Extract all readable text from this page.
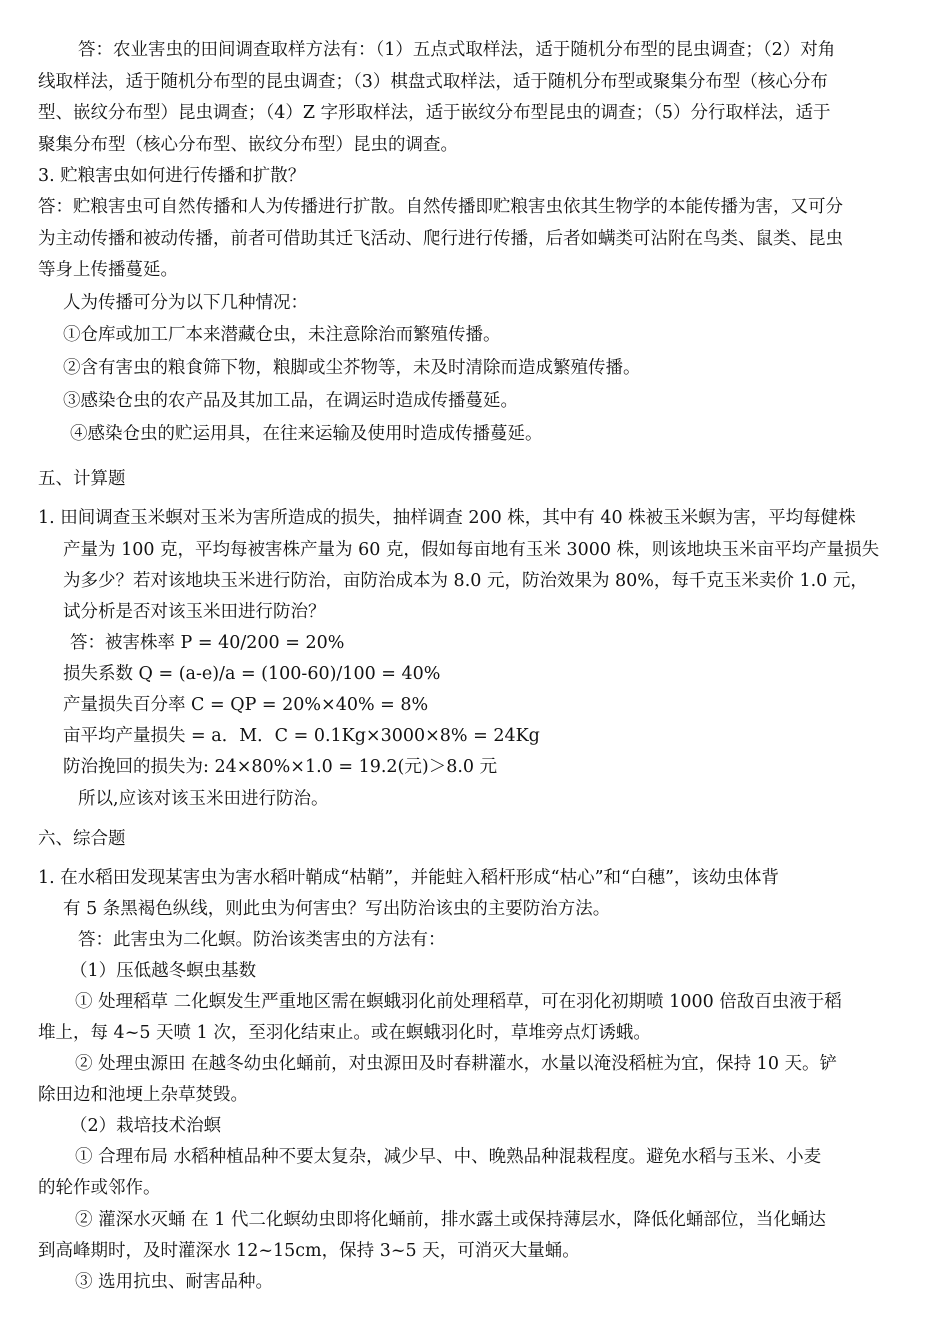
答：农业害虫的田间调查取样方法有：（1）五点式取样法，适于随机分布型的昆虫调查；（2）对角
线取样法，适于随机分布型的昆虫调查；（3）棋盘式取样法，适于随机分布型或聚集分布型（核心分布
型、嵌纹分布型）昆虫调查；（4）Z 字形取样法，适于嵌纹分布型昆虫的调查；（5）分行取样法，适于
聚集分布型（核心分布型、嵌纹分布型）昆虫的调查。
3. 贮粮害虫如何进行传播和扩散？
答：贮粮害虫可自然传播和人为传播进行扩散。自然传播即贮粮害虫依其生物学的本能传播为害，又可分
为主动传播和被动传播，前者可借助其迁飞活动、爬行进行传播，后者如螨类可沾附在鸟类、鼠类、昆虫
等身上传播蔓延。
人为传播可分为以下几种情况：
①仓库或加工厂本来潜藏仓虫，未注意除治而繁殖传播。
②含有害虫的粮食筛下物，粮脚或尘芥物等，未及时清除而造成繁殖传播。
③感染仓虫的农产品及其加工品，在调运时造成传播蔓延。
④感染仓虫的贮运用具，在往来运输及使用时造成传播蔓延。
五、计算题
1. 田间调查玉米螟对玉米为害所造成的损失，抽样调查 200 株，其中有 40 株被玉米螟为害，平均每健株
产量为 100 克，平均每被害株产量为 60 克，假如每亩地有玉米 3000 株，则该地块玉米亩平均产量损失
为多少？若对该地块玉米进行防治，亩防治成本为 8.0 元，防治效果为 80%，每千克玉米卖价 1.0 元，
试分析是否对该玉米田进行防治？
答：被害株率 P = 40/200 = 20%
损失系数 Q = (a-e)/a = (100-60)/100 = 40%
产量损失百分率 C = QP = 20%×40% = 8%
亩平均产量损失 = a．M．C = 0.1Kg×3000×8% = 24Kg
防治挽回的损失为: 24×80%×1.0 = 19.2(元)＞8.0 元
所以,应该对该玉米田进行防治。
六、综合题
1. 在水稻田发现某害虫为害水稻叶鞘成“枯鞘”，并能蛀入稻杆形成“枯心”和“白穗”，该幼虫体背
有 5 条黑褐色纵线，则此虫为何害虫？写出防治该虫的主要防治方法。
答：此害虫为二化螟。防治该类害虫的方法有：
（1）压低越冬螟虫基数
① 处理稻草 二化螟发生严重地区需在螟蛾羽化前处理稻草，可在羽化初期喷 1000 倍敌百虫液于稻
堆上，每 4~5 天喷 1 次，至羽化结束止。或在螟蛾羽化时，草堆旁点灯诱蛾。
② 处理虫源田 在越冬幼虫化蛹前，对虫源田及时春耕灌水，水量以淹没稻桩为宜，保持 10 天。铲
除田边和池埂上杂草焚毁。
（2）栽培技术治螟
① 合理布局 水稻种植品种不要太复杂，减少早、中、晚熟品种混栽程度。避免水稻与玉米、小麦
的轮作或邻作。
② 灌深水灭蛹 在 1 代二化螟幼虫即将化蛹前，排水露土或保持薄层水，降低化蛹部位，当化蛹达
到高峰期时，及时灌深水 12~15cm，保持 3~5 天，可消灭大量蛹。
③ 选用抗虫、耐害品种。
